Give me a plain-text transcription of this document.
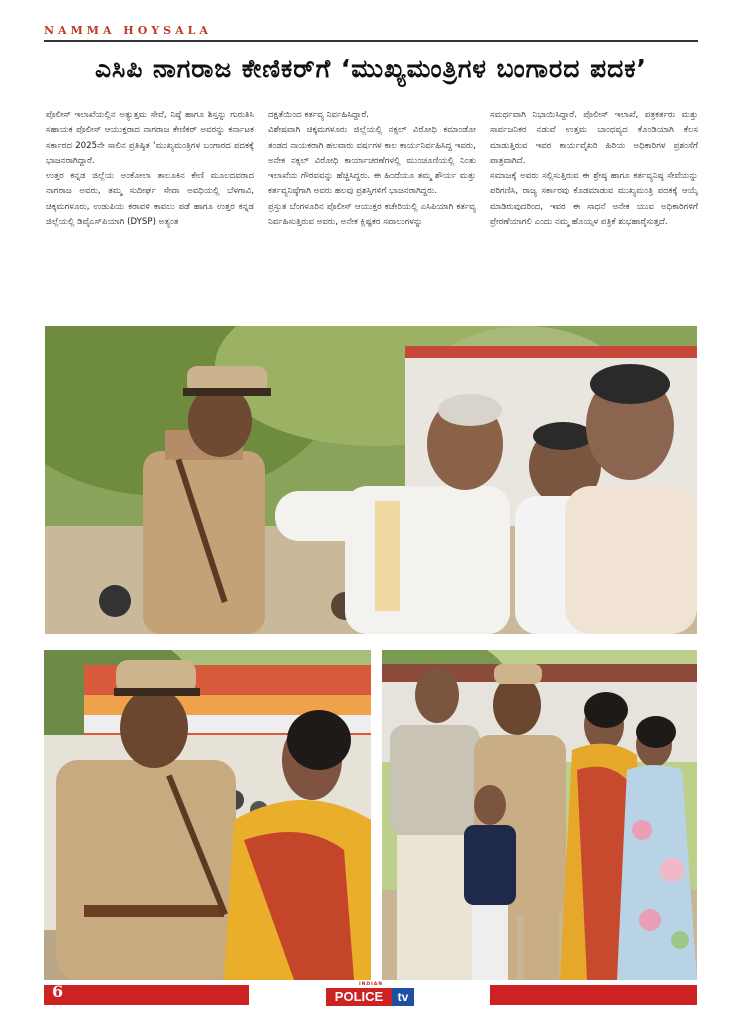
NAMMA HOYSALA
ಎಸಿಪಿ ನಾಗರಾಜ ಕೇಣಿಕರ್‌ಗೆ ‘ಮುಖ್ಯಮಂತ್ರಿಗಳ ಬಂಗಾರದ ಪದಕ’

ಪೊಲೀಸ್ ಇಲಾಖೆಯಲ್ಲಿನ ಅತ್ಯುತ್ತಮ ಸೇವೆ, ನಿಷ್ಠೆ ಹಾಗೂ ಶಿಸ್ತನ್ನು ಗುರುತಿಸಿ ಸಹಾಯಕ ಪೊಲೀಸ್ ಆಯುಕ್ತರಾದ ನಾಗರಾಜ ಕೇಣಿಕರ್ ಅವರನ್ನು ಕರ್ನಾಟಕ ಸರ್ಕಾರದ 2025ನೇ ಸಾಲಿನ ಪ್ರತಿಷ್ಠಿತ ‘ಮುಖ್ಯಮಂತ್ರಿಗಳ ಬಂಗಾರದ ಪದಕಕ್ಕೆ ಭಾಜನರಾಗಿದ್ದಾರೆ.

ಉತ್ತರ ಕನ್ನಡ ಜಿಲ್ಲೆಯ ಅಂಕೋಲಾ ತಾಲೂಕಿನ ಕೇಣಿ ಮೂಲದವರಾದ ನಾಗರಾಜ ಅವರು, ತಮ್ಮ ಸುದೀರ್ಘ ಸೇವಾ ಅವಧಿಯಲ್ಲಿ ಬೆಳಗಾವಿ, ಚಿಕ್ಕಮಗಳೂರು, ಉಡುಪಿಯ ಕರಾವಳಿ ಕಾವಲು ಪಡೆ ಹಾಗೂ ಉತ್ತರ ಕನ್ನಡ ಜಿಲ್ಲೆಯಲ್ಲಿ ಡಿವೈಎಸ್‌ಪಿಯಾಗಿ (DYSP) ಅತ್ಯಂತ

ದಕ್ಷತೆಯಿಂದ ಕರ್ತವ್ಯ ನಿರ್ವಹಿಸಿದ್ದಾರೆ.

ವಿಶೇಷವಾಗಿ ಚಿಕ್ಕಮಗಳೂರು ಜಿಲ್ಲೆಯಲ್ಲಿ ನಕ್ಸಲ್ ವಿರೋಧಿ ಕಮಾಂಡೋ ತಂಡದ ನಾಯಕರಾಗಿ ಹಲವಾರು ವರ್ಷಗಳ ಕಾಲ ಕಾರ್ಯನಿರ್ವಹಿಸಿದ್ದ ಇವರು, ಅನೇಕ ನಕ್ಸಲ್ ವಿರೋಧಿ ಕಾರ್ಯಾಚರಣೆಗಳಲ್ಲಿ ಮುಂಚೂಣಿಯಲ್ಲಿ ನಿಂತು ಇಲಾಖೆಯ ಗೌರವವನ್ನು ಹೆಚ್ಚಿಸಿದ್ದರು. ಈ ಹಿಂದೆಯೂ ತಮ್ಮ ಶೌರ್ಯ ಮತ್ತು ಕರ್ತವ್ಯನಿಷ್ಠೆಗಾಗಿ ಅವರು ಹಲವು ಪ್ರಶಸ್ತಿಗಳಿಗೆ ಭಾಜನರಾಗಿದ್ದರು.

ಪ್ರಸ್ತುತ ಬೆಂಗಳೂರಿನ ಪೊಲೀಸ್ ಆಯುಕ್ತರ ಕಚೇರಿಯಲ್ಲಿ ಎಸಿಪಿಯಾಗಿ ಕರ್ತವ್ಯ ನಿರ್ವಹಿಸುತ್ತಿರುವ ಅವರು, ಅನೇಕ ಕ್ಲಿಷ್ಟಕರ ಸವಾಲುಗಳನ್ನು

ಸಮರ್ಥವಾಗಿ ನಿಭಾಯಿಸಿದ್ದಾರೆ. ಪೊಲೀಸ್ ಇಲಾಖೆ, ಪತ್ರಕರ್ತರು ಮತ್ತು ಸಾರ್ವಜನಿಕರ ನಡುವೆ ಉತ್ತಮ ಬಾಂಧವ್ಯದ ಕೊಂಡಿಯಾಗಿ ಕೆಲಸ ಮಾಡುತ್ತಿರುವ ಇವರ ಕಾರ್ಯವೈಖರಿ ಹಿರಿಯ ಅಧಿಕಾರಿಗಳ ಪ್ರಶಂಸೆಗೆ ಪಾತ್ರವಾಗಿದೆ.

ಸಮಾಜಕ್ಕೆ ಅವರು ಸಲ್ಲಿಸುತ್ತಿರುವ ಈ ಶ್ರೇಷ್ಠ ಹಾಗೂ ಕರ್ತವ್ಯನಿಷ್ಠ ಸೇವೆಯನ್ನು ಪರಿಗಣಿಸಿ, ರಾಜ್ಯ ಸರ್ಕಾರವು ಕೊಡಮಾಡುವ ಮುಖ್ಯಮಂತ್ರಿ ಪದಕಕ್ಕೆ ಆಯ್ಕೆ ಮಾಡಿರುವುದರಿಂದ, ಇವರ ಈ ಸಾಧನೆ ಅನೇಕ ಯುವ ಅಧಿಕಾರಿಗಳಿಗೆ ಪ್ರೇರಣೆಯಾಗಲಿ ಎಂದು ನಮ್ಮ ಹೊಯ್ಸಳ ಪತ್ರಿಕೆ ಶುಭಹಾರೈಸುತ್ತದೆ.

6	INDIAN
POLICE	tv
